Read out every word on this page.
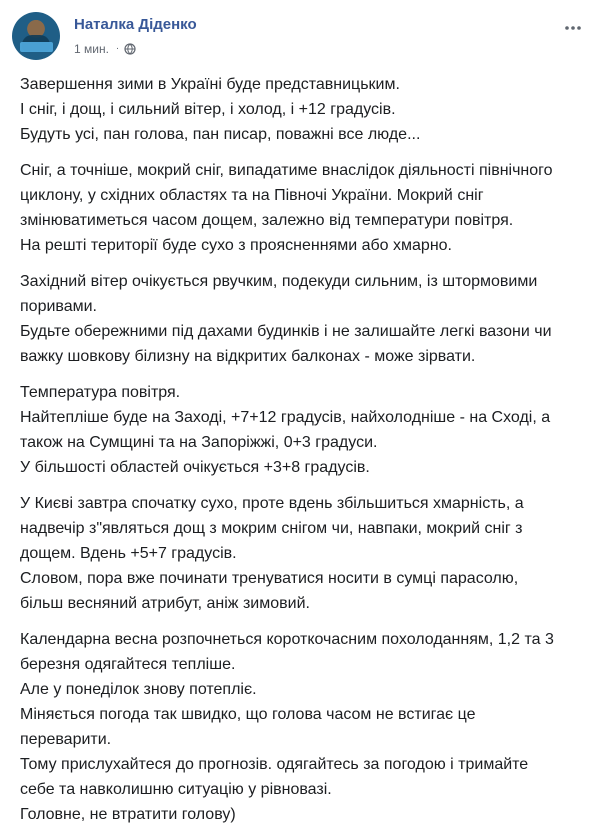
Наталка Діденко
1 мин. ·

Завершення зими в Україні буде представницьким.
І сніг, і дощ, і сильний вітер, і холод, і +12 градусів.
Будуть усі, пан голова, пан писар, поважні все люде...

Сніг, а точніше, мокрий сніг, випадатиме внаслідок діяльності північного
циклону, у східних областях та на Півночі України. Мокрий сніг
змінюватиметься часом дощем, залежно від температури повітря.
На решті території буде сухо з проясненнями або хмарно.

Західний вітер очікується рвучким, подекуди сильним, із штормовими
поривами.
Будьте обережними під дахами будинків і не залишайте легкі вазони чи
важку шовкову білизну на відкритих балконах - може зірвати.

Температура повітря.
Найтепліше буде на Заході, +7+12 градусів, найхолодніше - на Сході, а
також на Сумщині та на Запоріжжі, 0+3 градуси.
У більшості областей очікується +3+8 градусів.

У Києві завтра спочатку сухо, проте вдень збільшиться хмарність, а
надвечір з"являться дощ з мокрим снігом чи, навпаки, мокрий сніг з
дощем. Вдень +5+7 градусів.
Словом, пора вже починати тренуватися носити в сумці парасолю,
більш весняний атрибут, аніж зимовий.

Календарна весна розпочнеться короткочасним похолоданням, 1,2 та 3
березня одягайтеся тепліше.
Але у понеділок знову потепліє.
Міняється погода так швидко, що голова часом не встигає це
переварити.
Тому прислухайтеся до прогнозів. одягайтесь за погодою і тримайте
себе та навколишню ситуацію у рівновазі.
Головне, не втратити голову)
